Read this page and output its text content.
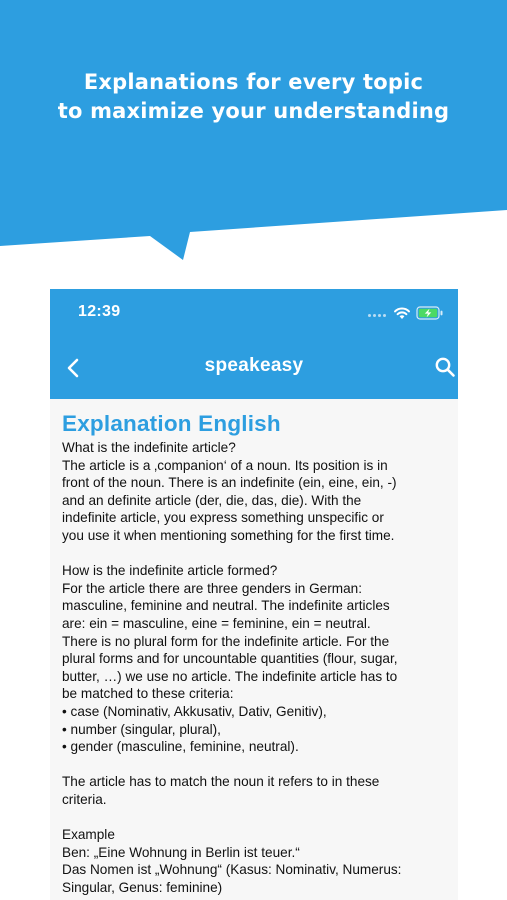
Explanations for every topic
to maximize your understanding
12:39
speakeasy
Explanation English
What is the indefinite article?
The article is a ‚companion‘ of a noun. Its position is in
front of the noun. There is an indefinite (ein, eine, ein, -)
and an definite article (der, die, das, die). With the
indefinite article, you express something unspecific or
you use it when mentioning something for the first time.
How is the indefinite article formed?
For the article there are three genders in German:
masculine, feminine and neutral. The indefinite articles
are: ein = masculine, eine = feminine, ein = neutral.
There is no plural form for the indefinite article. For the
plural forms and for uncountable quantities (flour, sugar,
butter, …) we use no article. The indefinite article has to
be matched to these criteria:
• case (Nominativ, Akkusativ, Dativ, Genitiv),
• number (singular, plural),
• gender (masculine, feminine, neutral).
The article has to match the noun it refers to in these
criteria.
Example
Ben: „Eine Wohnung in Berlin ist teuer.“
Das Nomen ist „Wohnung“ (Kasus: Nominativ, Numerus:
Singular, Genus: feminine)
